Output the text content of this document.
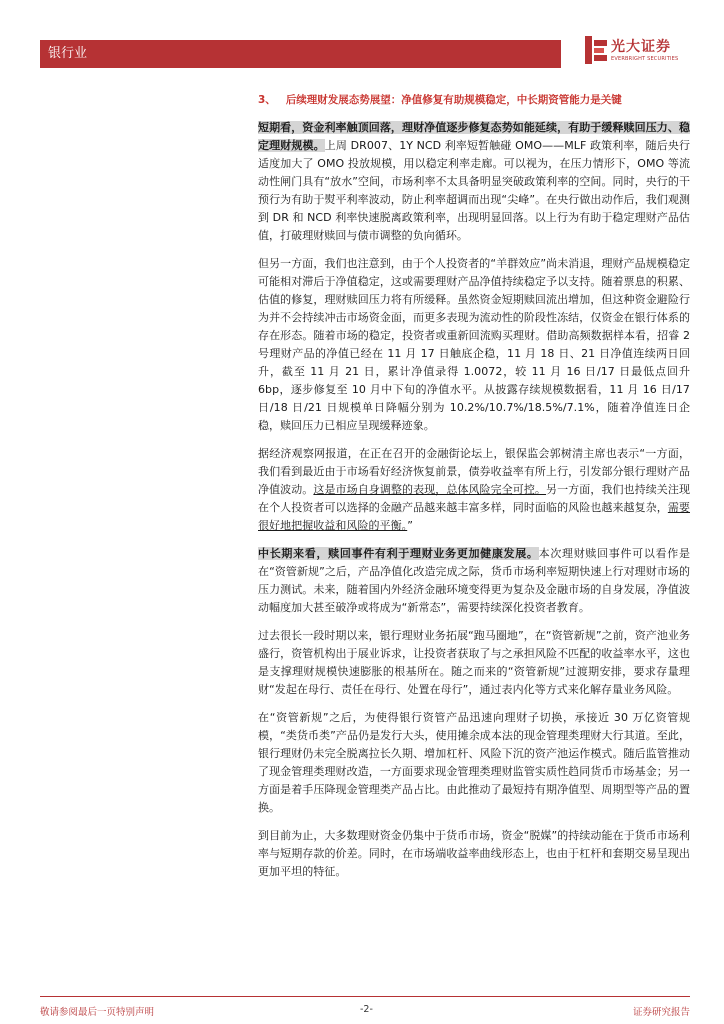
银行业	光大证券
EVERBRIGHT SECURITIES
3、 后续理财发展态势展望：净值修复有助规模稳定，中长期资管能力是关键

短期看，资金利率触顶回落，理财净值逐步修复态势如能延续，有助于缓释赎回压力、稳定理财规模。上周 DR007、1Y NCD 利率短暂触碰 OMO——MLF 政策利率，随后央行适度加大了 OMO 投放规模，用以稳定利率走廊。可以视为，在压力情形下，OMO 等流动性闸门具有“放水”空间，市场利率不太具备明显突破政策利率的空间。同时，央行的干预行为有助于熨平利率波动，防止利率超调而出现“尖峰”。在央行做出动作后，我们观测到 DR 和 NCD 利率快速脱离政策利率，出现明显回落。以上行为有助于稳定理财产品估值，打破理财赎回与债市调整的负向循环。

但另一方面，我们也注意到，由于个人投资者的“羊群效应”尚未消退，理财产品规模稳定可能相对滞后于净值稳定，这或需要理财产品净值持续稳定予以支持。随着票息的积累、估值的修复，理财赎回压力将有所缓释。虽然资金短期赎回流出增加，但这种资金避险行为并不会持续冲击市场资金面，而更多表现为流动性的阶段性冻结，仅资金在银行体系的存在形态。随着市场的稳定，投资者或重新回流购买理财。借助高频数据样本看，招睿 2 号理财产品的净值已经在 11 月 17 日触底企稳，11 月 18 日、21 日净值连续两日回升，截至 11 月 21 日，累计净值录得 1.0072，较 11 月 16 日/17 日最低点回升 6bp，逐步修复至 10 月中下旬的净值水平。从披露存续规模数据看，11 月 16 日/17 日/18 日/21 日规模单日降幅分别为 10.2%/10.7%/18.5%/7.1%，随着净值连日企稳，赎回压力已相应呈现缓释迹象。

据经济观察网报道，在正在召开的金融街论坛上，银保监会郭树清主席也表示“一方面，我们看到最近由于市场看好经济恢复前景，债券收益率有所上行，引发部分银行理财产品净值波动。这是市场自身调整的表现，总体风险完全可控。另一方面，我们也持续关注现在个人投资者可以选择的金融产品越来越丰富多样，同时面临的风险也越来越复杂，需要很好地把握收益和风险的平衡。”

中长期来看，赎回事件有利于理财业务更加健康发展。本次理财赎回事件可以看作是在“资管新规”之后，产品净值化改造完成之际，货币市场利率短期快速上行对理财市场的压力测试。未来，随着国内外经济金融环境变得更为复杂及金融市场的自身发展，净值波动幅度加大甚至破净或将成为“新常态”，需要持续深化投资者教育。

过去很长一段时期以来，银行理财业务拓展“跑马圈地”，在“资管新规”之前，资产池业务盛行，资管机构出于展业诉求，让投资者获取了与之承担风险不匹配的收益率水平，这也是支撑理财规模快速膨胀的根基所在。随之而来的“资管新规”过渡期安排，要求存量理财“发起在母行、责任在母行、处置在母行”，通过表内化等方式来化解存量业务风险。

在“资管新规”之后，为使得银行资管产品迅速向理财子切换，承接近 30 万亿资管规模，“类货币类”产品仍是发行大头，使用摊余成本法的现金管理类理财大行其道。至此，银行理财仍未完全脱离拉长久期、增加杠杆、风险下沉的资产池运作模式。随后监管推动了现金管理类理财改造，一方面要求现金管理类理财监管实质性趋同货币市场基金；另一方面是着手压降现金管理类产品占比。由此推动了最短持有期净值型、周期型等产品的置换。

到目前为止，大多数理财资金仍集中于货币市场，资金“脱媒”的持续动能在于货币市场利率与短期存款的价差。同时，在市场端收益率曲线形态上，也由于杠杆和套期交易呈现出更加平坦的特征。

敬请参阅最后一页特别声明	-2-	证券研究报告
